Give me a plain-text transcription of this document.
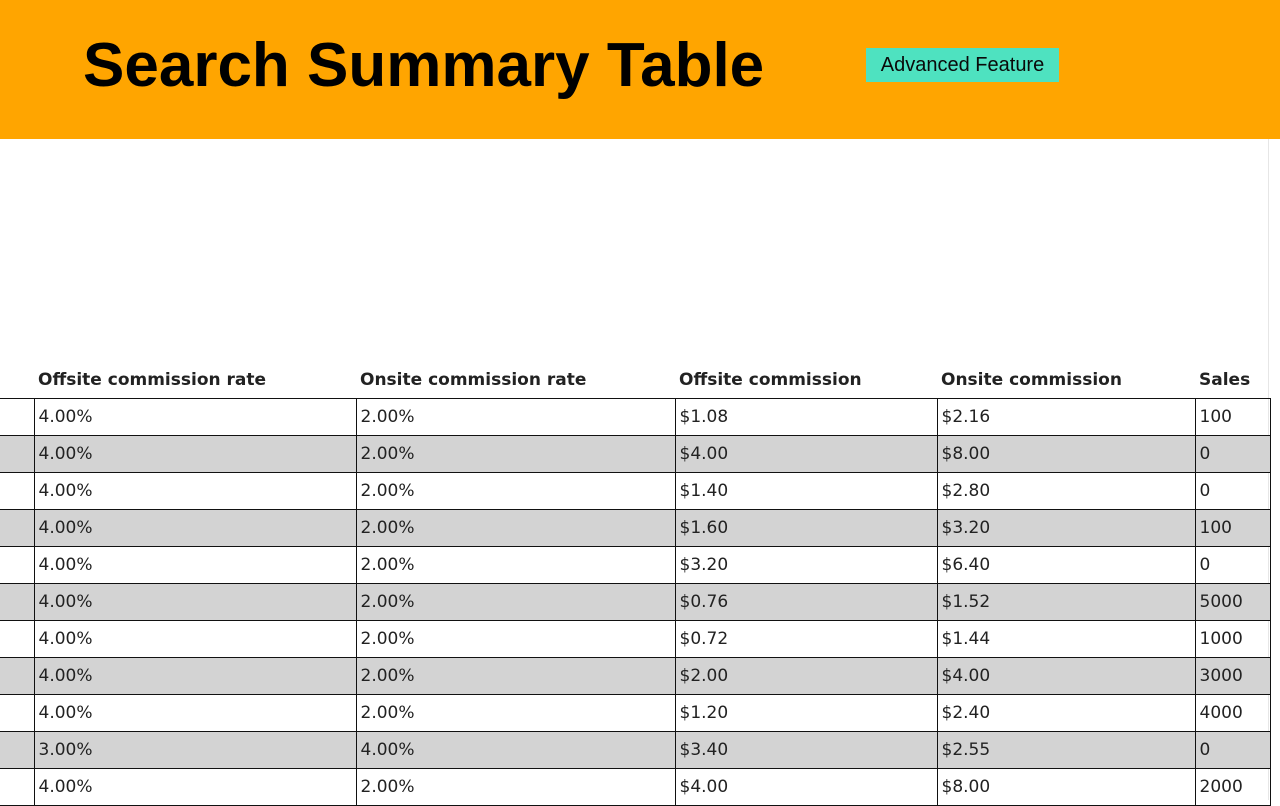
Search Summary Table	Advanced Feature
	Offsite commission rate	Onsite commission rate	Offsite commission	Onsite commission	Sales
	4.00%	2.00%	$1.08	$2.16	100
	4.00%	2.00%	$4.00	$8.00	0
	4.00%	2.00%	$1.40	$2.80	0
	4.00%	2.00%	$1.60	$3.20	100
	4.00%	2.00%	$3.20	$6.40	0
	4.00%	2.00%	$0.76	$1.52	5000
	4.00%	2.00%	$0.72	$1.44	1000
	4.00%	2.00%	$2.00	$4.00	3000
	4.00%	2.00%	$1.20	$2.40	4000
	3.00%	4.00%	$3.40	$2.55	0
	4.00%	2.00%	$4.00	$8.00	2000
